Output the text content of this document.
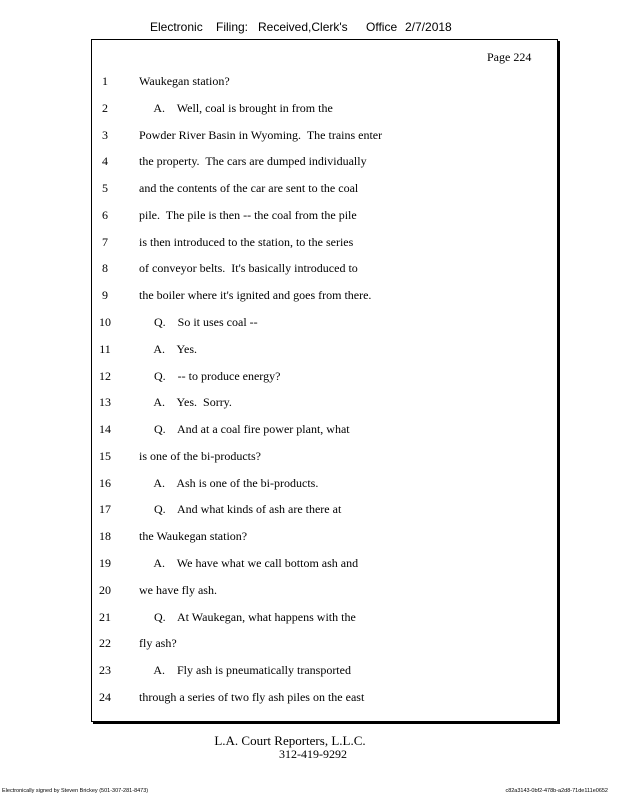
Electronic Filing: Received,Clerk's Office 2/7/2018
Page 224
1	Waukegan station?
2	A.    Well, coal is brought in from the
3	Powder River Basin in Wyoming.  The trains enter
4	the property.  The cars are dumped individually
5	and the contents of the car are sent to the coal
6	pile.  The pile is then -- the coal from the pile
7	is then introduced to the station, to the series
8	of conveyor belts.  It's basically introduced to
9	the boiler where it's ignited and goes from there.
10 Q.    So it uses coal --
11 A.    Yes.
12 Q.    -- to produce energy?
13 A.    Yes.  Sorry.
14 Q.    And at a coal fire power plant, what
15 is one of the bi-products?
16 A.    Ash is one of the bi-products.
17 Q.    And what kinds of ash are there at
18 the Waukegan station?
19 A.    We have what we call bottom ash and
20 we have fly ash.
21 Q.    At Waukegan, what happens with the
22 fly ash?
23 A.    Fly ash is pneumatically transported
24 through a series of two fly ash piles on the east
L.A. Court Reporters, L.L.C.
312-419-9292
Electronically signed by Steven Brickey (501-307-281-8473)	c82a3143-0bf2-478b-a2d8-71de111e0652
